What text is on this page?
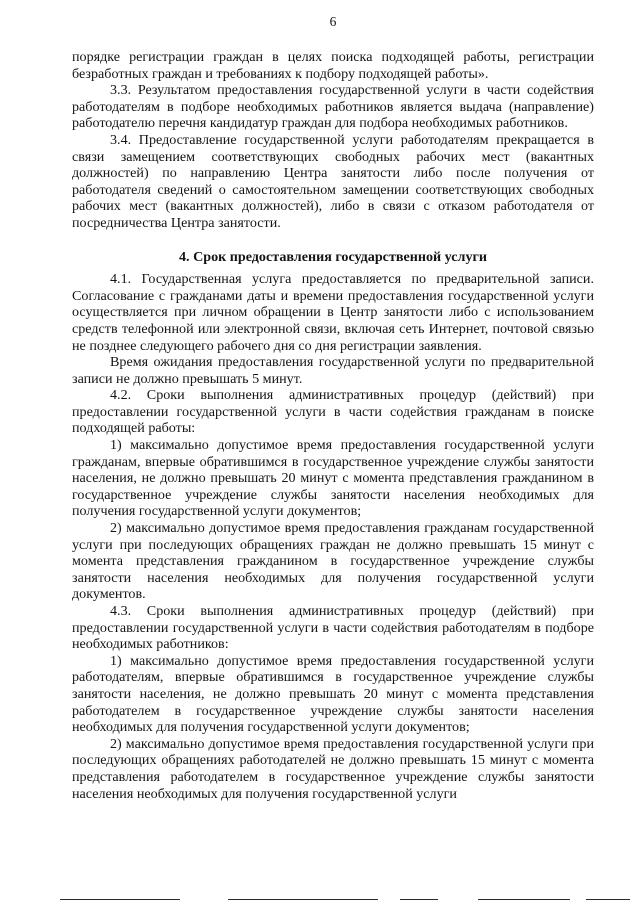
6

порядке регистрации граждан в целях поиска подходящей работы, регистрации безработных граждан и требованиях к подбору подходящей работы».

3.3. Результатом предоставления государственной услуги в части содействия работодателям в подборе необходимых работников является выдача (направление) работодателю перечня кандидатур граждан для подбора необходимых работников.

3.4. Предоставление государственной услуги работодателям прекращается в связи замещением соответствующих свободных рабочих мест (вакантных должностей) по направлению Центра занятости либо после получения от работодателя сведений о самостоятельном замещении соответствующих свободных рабочих мест (вакантных должностей), либо в связи с отказом работодателя от посредничества Центра занятости.

4. Срок предоставления государственной услуги

4.1. Государственная услуга предоставляется по предварительной записи. Согласование с гражданами даты и времени предоставления государственной услуги осуществляется при личном обращении в Центр занятости либо с использованием средств телефонной или электронной связи, включая сеть Интернет, почтовой связью не позднее следующего рабочего дня со дня регистрации заявления.

Время ожидания предоставления государственной услуги по предварительной записи не должно превышать 5 минут.

4.2. Сроки выполнения административных процедур (действий) при предоставлении государственной услуги в части содействия гражданам в поиске подходящей работы:

1) максимально допустимое время предоставления государственной услуги гражданам, впервые обратившимся в государственное учреждение службы занятости населения, не должно превышать 20 минут с момента представления гражданином в государственное учреждение службы занятости населения необходимых для получения государственной услуги документов;

2) максимально допустимое время предоставления гражданам государственной услуги при последующих обращениях граждан не должно превышать 15 минут с момента представления гражданином в государственное учреждение службы занятости населения необходимых для получения государственной услуги документов.

4.3. Сроки выполнения административных процедур (действий) при предоставлении государственной услуги в части содействия работодателям в подборе необходимых работников:

1) максимально допустимое время предоставления государственной услуги работодателям, впервые обратившимся в государственное учреждение службы занятости населения, не должно превышать 20 минут с момента представления работодателем в государственное учреждение службы занятости населения необходимых для получения государственной услуги документов;

2) максимально допустимое время предоставления государственной услуги при последующих обращениях работодателей не должно превышать 15 минут с момента представления работодателем в государственное учреждение службы занятости населения необходимых для получения государственной услуги
